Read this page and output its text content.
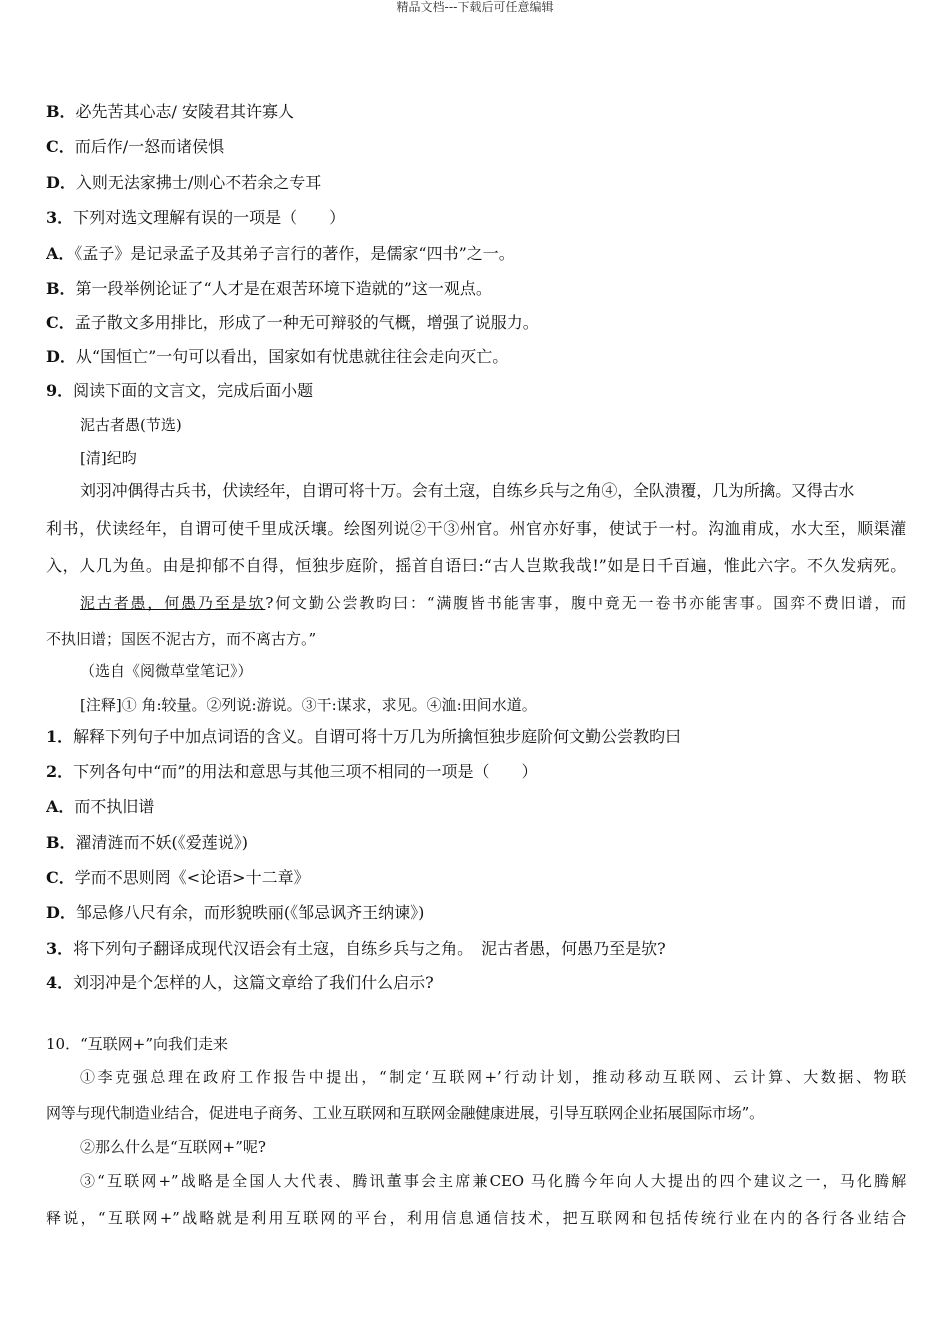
精品文档---下载后可任意编辑
B．必先苦其心志/ 安陵君其许寡人
C．而后作/一怒而诸侯惧
D．入则无法家拂士/则心不若余之专耳
3．下列对选文理解有误的一项是（　　）
A．《孟子》是记录孟子及其弟子言行的著作，是儒家“四书”之一。
B．第一段举例论证了“人才是在艰苦环境下造就的”这一观点。
C．孟子散文多用排比，形成了一种无可辩驳的气概，增强了说服力。
D．从“国恒亡”一句可以看出，国家如有忧患就往往会走向灭亡。
9．阅读下面的文言文，完成后面小题
泥古者愚(节选)
[清]纪昀
刘羽冲偶得古兵书，伏读经年，自谓可将十万。会有土寇，自练乡兵与之角④，全队溃覆，几为所擒。又得古水
利书，伏读经年，自谓可使千里成沃壤。绘图列说②干③州官。州官亦好事，使试于一村。沟洫甫成，水大至，顺渠灌
入，人几为鱼。由是抑郁不自得，恒独步庭阶，摇首自语曰:“古人岂欺我哉!”如是日千百遍，惟此六字。不久发病死。
泥古者愚，何愚乃至是欤?何文勤公尝教昀曰：“满腹皆书能害事，腹中竟无一卷书亦能害事。国弈不费旧谱，而
不执旧谱；国医不泥古方，而不离古方。”
（选自《阅微草堂笔记》）
[注释]① 角:较量。②列说:游说。③干:谋求，求见。④洫:田间水道。
1．解释下列句子中加点词语的含义。自谓可将十万几为所擒恒独步庭阶何文勤公尝教昀曰
2．下列各句中“而”的用法和意思与其他三项不相同的一项是（　　）
A．而不执旧谱
B．濯清涟而不妖(《爱莲说》)
C．学而不思则罔《<论语>十二章》
D．邹忌修八尺有余，而形貌昳丽(《邹忌讽齐王纳谏》)
3．将下列句子翻译成现代汉语会有土寇，自练乡兵与之角。　泥古者愚，何愚乃至是欤?
4．刘羽冲是个怎样的人，这篇文章给了我们什么启示?
10．“互联网+”向我们走来
①李克强总理在政府工作报告中提出，“制定‘互联网+’行动计划，推动移动互联网、云计算、大数据、物联
网等与现代制造业结合，促进电子商务、工业互联网和互联网金融健康进展，引导互联网企业拓展国际市场”。
②那么什么是“互联网+”呢?
③“互联网+”战略是全国人大代表、腾讯董事会主席兼CEO 马化腾今年向人大提出的四个建议之一，马化腾解
释说，“互联网+”战略就是利用互联网的平台，利用信息通信技术，把互联网和包括传统行业在内的各行各业结合
